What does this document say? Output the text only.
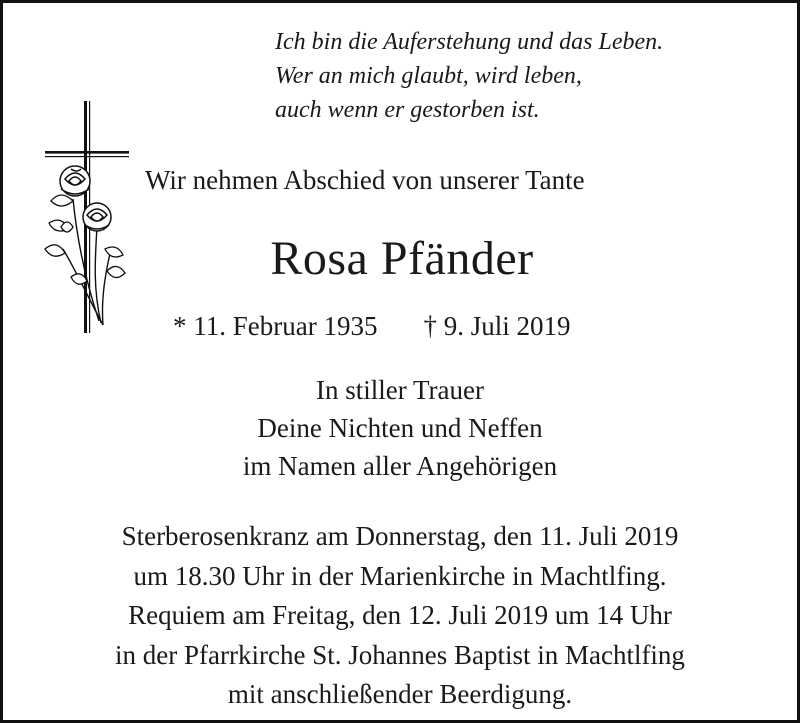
Ich bin die Auferstehung und das Leben.
Wer an mich glaubt, wird leben,
auch wenn er gestorben ist.
Wir nehmen Abschied von unserer Tante
Rosa Pfänder
* 11. Februar 1935 † 9. Juli 2019
In stiller Trauer
Deine Nichten und Neffen
im Namen aller Angehörigen
Sterberosenkranz am Donnerstag, den 11. Juli 2019
um 18.30 Uhr in der Marienkirche in Machtlfing.
Requiem am Freitag, den 12. Juli 2019 um 14 Uhr
in der Pfarrkirche St. Johannes Baptist in Machtlfing
mit anschließender Beerdigung.
